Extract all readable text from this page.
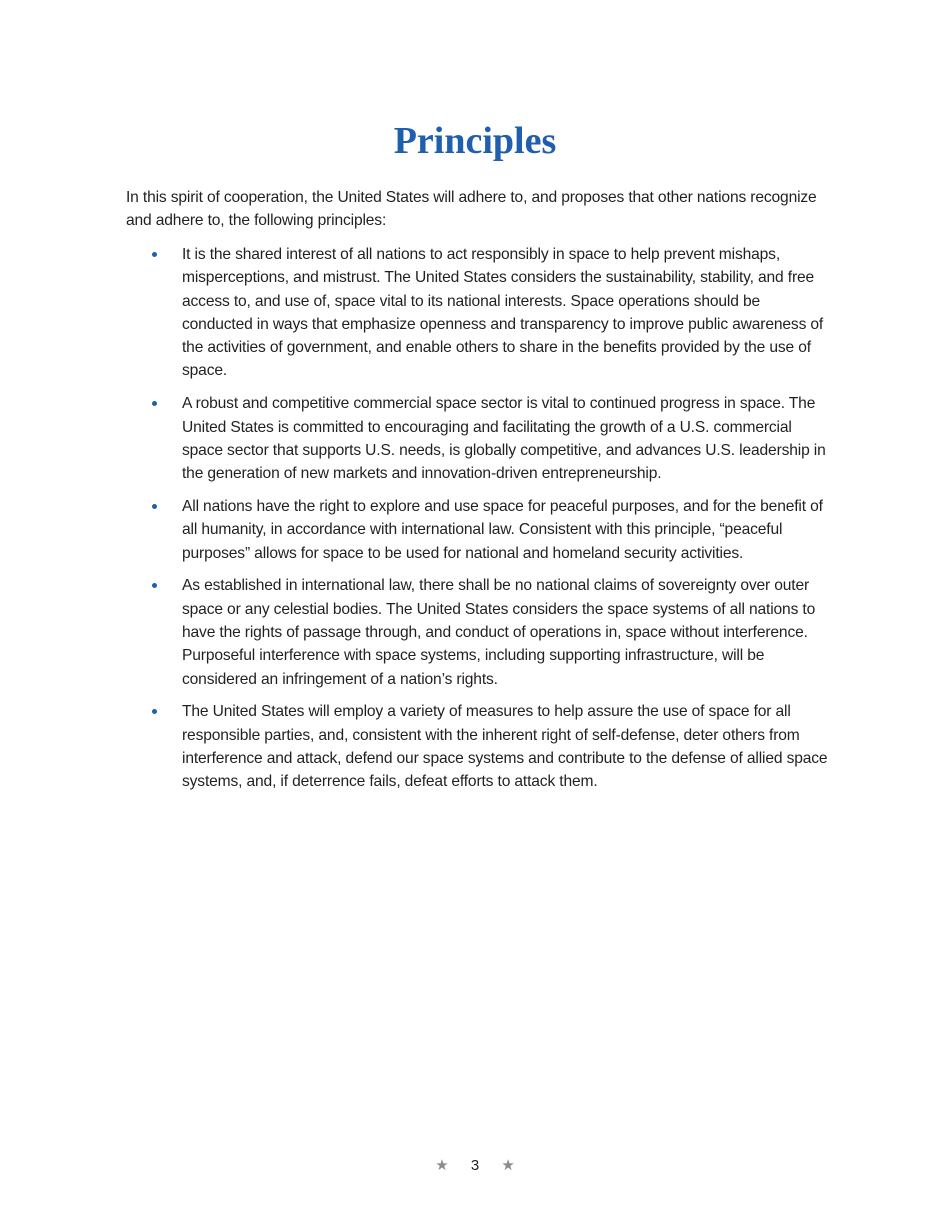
Principles

In this spirit of cooperation, the United States will adhere to, and proposes that other nations recognize and adhere to, the following principles:

It is the shared interest of all nations to act responsibly in space to help prevent mishaps, misperceptions, and mistrust. The United States considers the sustainability, stability, and free access to, and use of, space vital to its national interests. Space operations should be conducted in ways that emphasize openness and transparency to improve public awareness of the activities of government, and enable others to share in the benefits provided by the use of space.
A robust and competitive commercial space sector is vital to continued progress in space. The United States is committed to encouraging and facilitating the growth of a U.S. commercial space sector that supports U.S. needs, is globally competitive, and advances U.S. leadership in the generation of new markets and innovation-driven entrepreneurship.
All nations have the right to explore and use space for peaceful purposes, and for the benefit of all humanity, in accordance with international law. Consistent with this principle, “peaceful purposes” allows for space to be used for national and homeland security activities.
As established in international law, there shall be no national claims of sovereignty over outer space or any celestial bodies. The United States considers the space systems of all nations to have the rights of passage through, and conduct of operations in, space without interference. Purposeful interference with space systems, including supporting infrastructure, will be considered an infringement of a nation’s rights.
The United States will employ a variety of measures to help assure the use of space for all responsible parties, and, consistent with the inherent right of self-defense, deter others from interference and attack, defend our space systems and contribute to the defense of allied space systems, and, if deterrence fails, defeat efforts to attack them.
★ 3 ★
